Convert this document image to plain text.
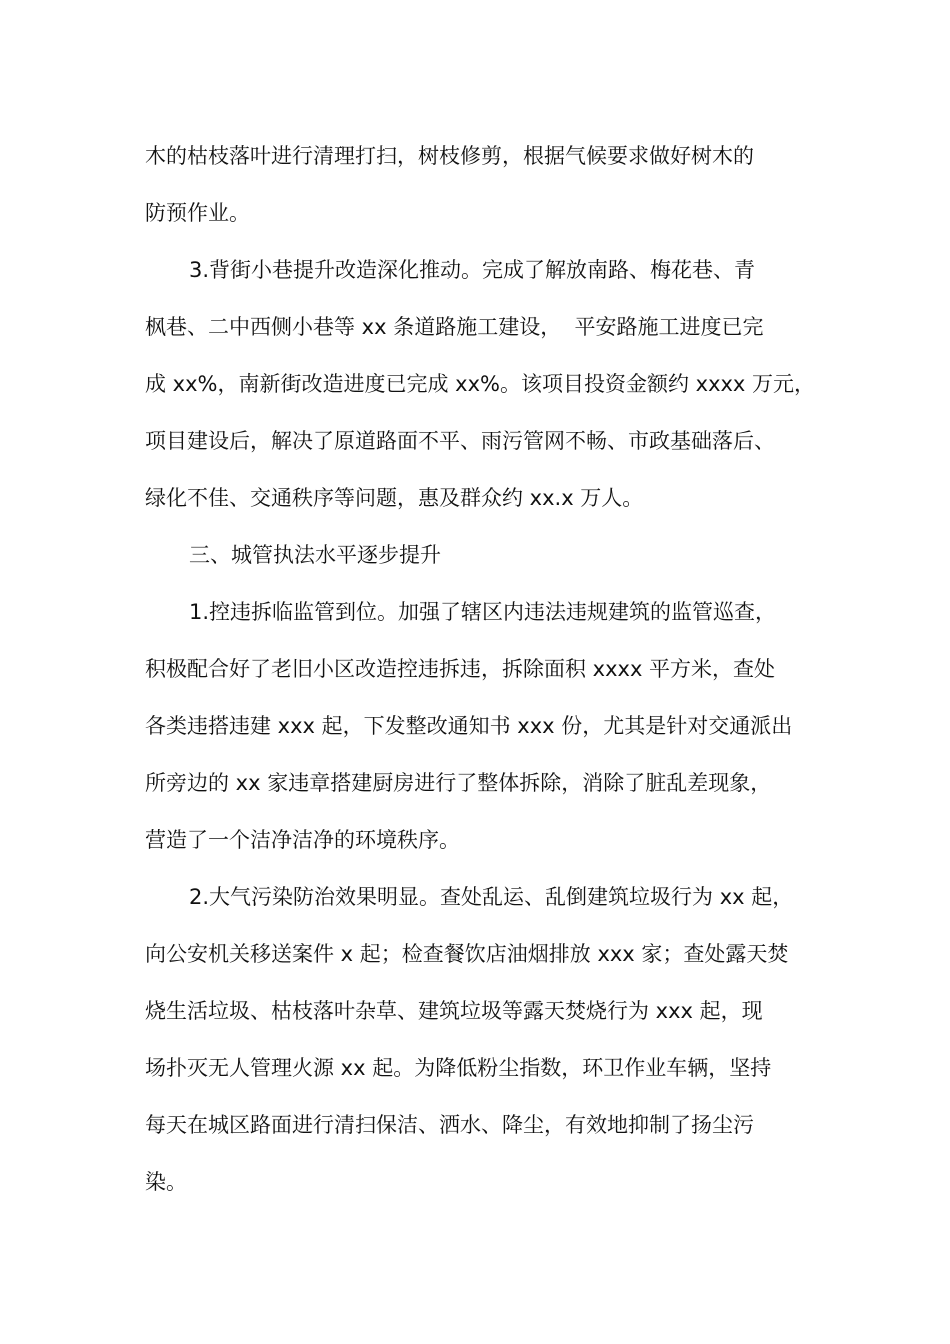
木的枯枝落叶进行清理打扫，树枝修剪，根据气候要求做好树木的
防预作业。
3.背街小巷提升改造深化推动。完成了解放南路、梅花巷、青
枫巷、二中西侧小巷等 xx 条道路施工建设，  平安路施工进度已完
成 xx%，南新街改造进度已完成 xx%。该项目投资金额约 xxxx 万元，
项目建设后，解决了原道路面不平、雨污管网不畅、市政基础落后、
绿化不佳、交通秩序等问题，惠及群众约 xx.x 万人。
三、城管执法水平逐步提升
1.控违拆临监管到位。加强了辖区内违法违规建筑的监管巡查，
积极配合好了老旧小区改造控违拆违，拆除面积 xxxx 平方米，查处
各类违搭违建 xxx 起，下发整改通知书 xxx 份，尤其是针对交通派出
所旁边的 xx 家违章搭建厨房进行了整体拆除，消除了脏乱差现象，
营造了一个洁净洁净的环境秩序。
2.大气污染防治效果明显。查处乱运、乱倒建筑垃圾行为 xx 起，
向公安机关移送案件 x 起；检查餐饮店油烟排放 xxx 家；查处露天焚
烧生活垃圾、枯枝落叶杂草、建筑垃圾等露天焚烧行为 xxx 起，现
场扑灭无人管理火源 xx 起。为降低粉尘指数，环卫作业车辆，坚持
每天在城区路面进行清扫保洁、洒水、降尘，有效地抑制了扬尘污
染。
